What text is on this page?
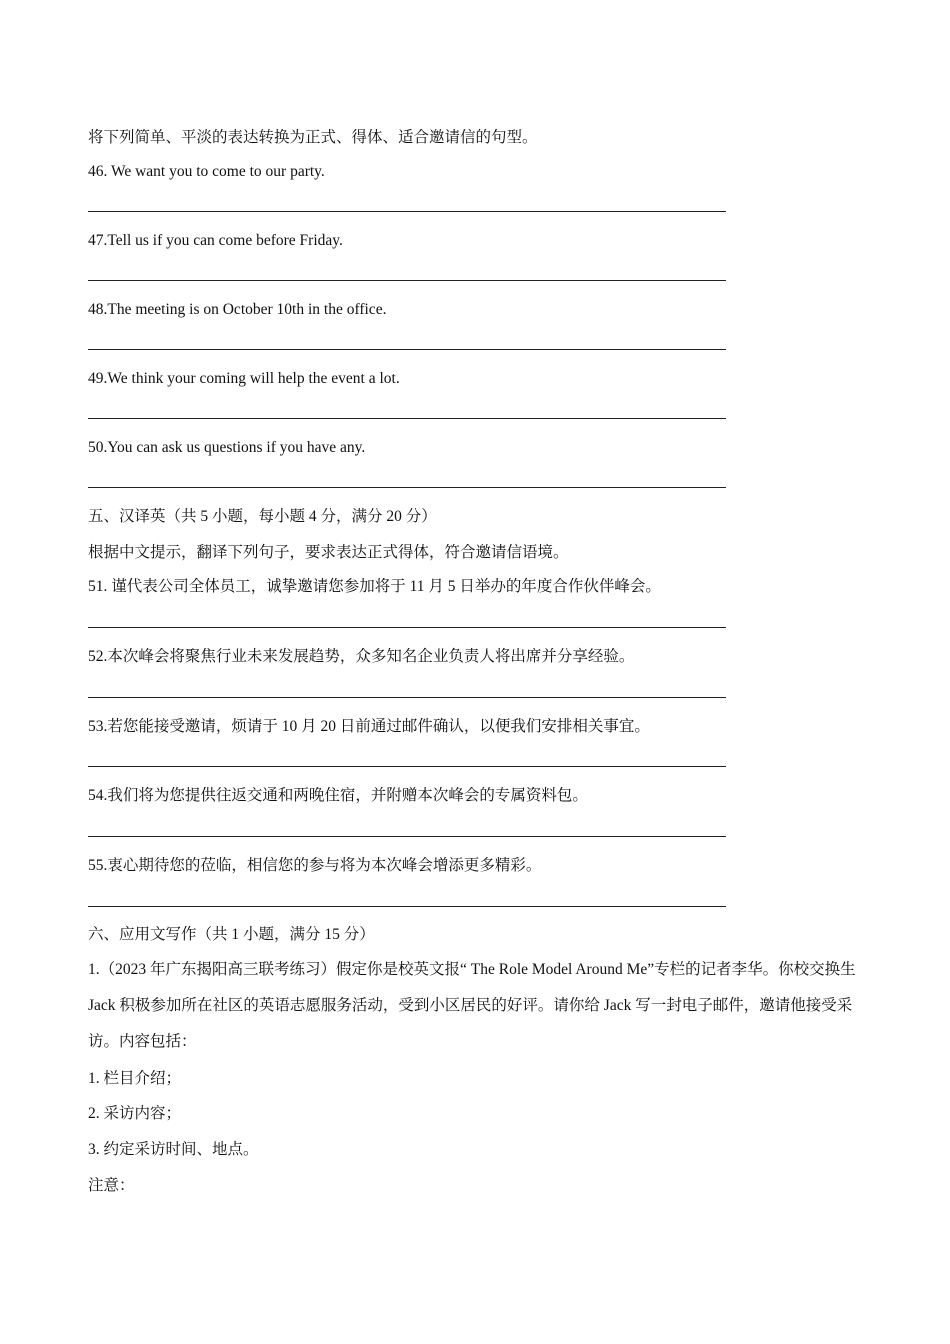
将下列简单、平淡的表达转换为正式、得体、适合邀请信的句型。
46. We want you to come to our party.
47.Tell us if you can come before Friday.
48.The meeting is on October 10th in the office.
49.We think your coming will help the event a lot.
50.You can ask us questions if you have any.
五、汉译英（共 5 小题，每小题 4 分，满分 20 分）
根据中文提示，翻译下列句子，要求表达正式得体，符合邀请信语境。
51. 谨代表公司全体员工，诚挚邀请您参加将于 11 月 5 日举办的年度合作伙伴峰会。
52.本次峰会将聚焦行业未来发展趋势，众多知名企业负责人将出席并分享经验。
53.若您能接受邀请，烦请于 10 月 20 日前通过邮件确认，以便我们安排相关事宜。
54.我们将为您提供往返交通和两晚住宿，并附赠本次峰会的专属资料包。
55.衷心期待您的莅临，相信您的参与将为本次峰会增添更多精彩。
六、应用文写作（共 1 小题，满分 15 分）
1.（2023 年广东揭阳高三联考练习）假定你是校英文报“ The Role Model Around Me”专栏的记者李华。你校交换生 Jack 积极参加所在社区的英语志愿服务活动，受到小区居民的好评。请你给 Jack 写一封电子邮件，邀请他接受采访。内容包括：
1. 栏目介绍；
2. 采访内容；
3. 约定采访时间、地点。
注意：
